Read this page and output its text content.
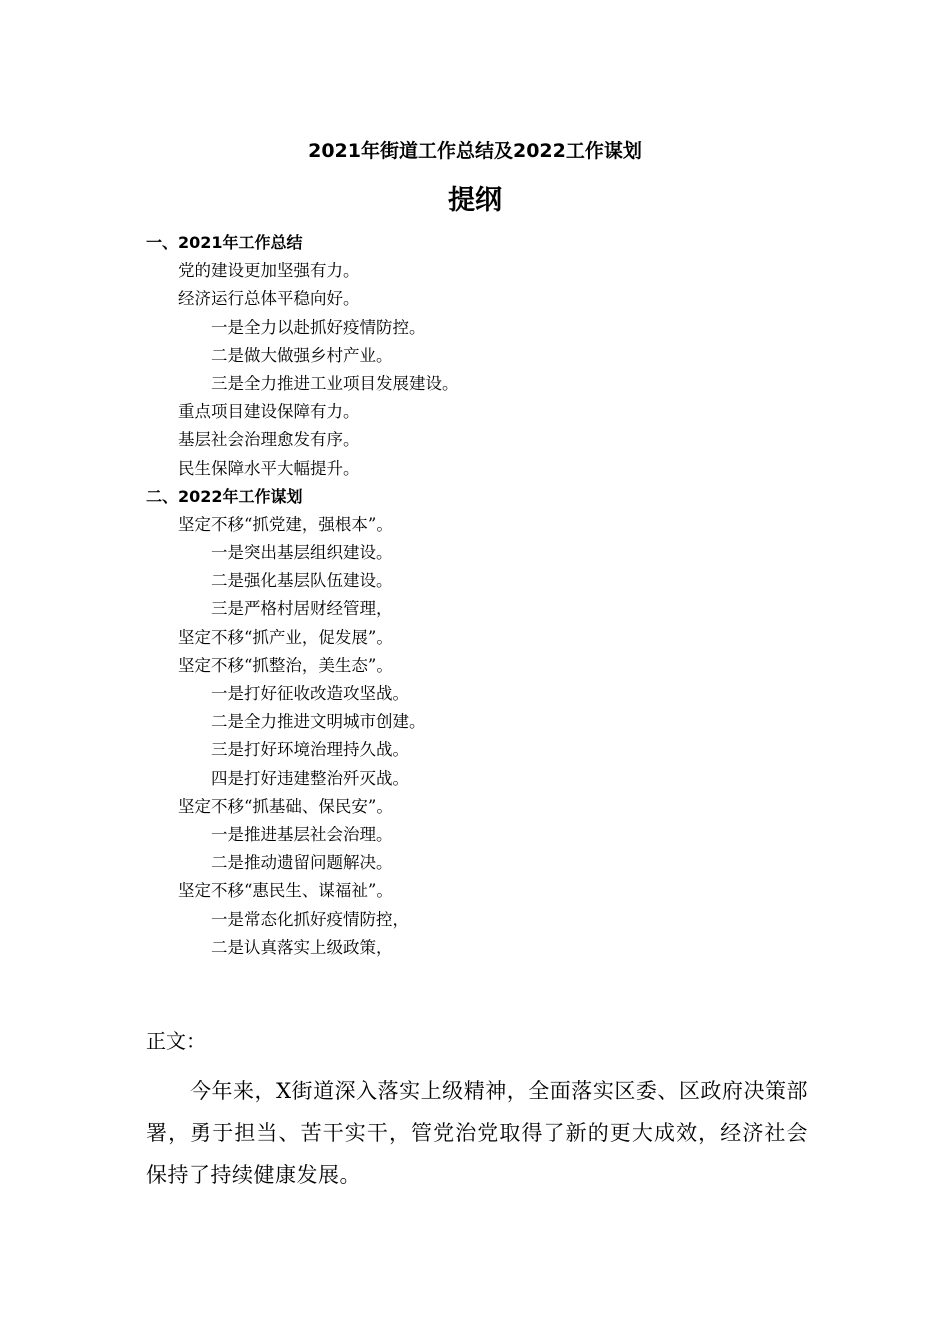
2021年街道工作总结及2022工作谋划
提纲
一、2021年工作总结
党的建设更加坚强有力。
经济运行总体平稳向好。
一是全力以赴抓好疫情防控。
二是做大做强乡村产业。
三是全力推进工业项目发展建设。
重点项目建设保障有力。
基层社会治理愈发有序。
民生保障水平大幅提升。
二、2022年工作谋划
坚定不移“抓党建，强根本”。
一是突出基层组织建设。
二是强化基层队伍建设。
三是严格村居财经管理，
坚定不移“抓产业，促发展”。
坚定不移“抓整治，美生态”。
一是打好征收改造攻坚战。
二是全力推进文明城市创建。
三是打好环境治理持久战。
四是打好违建整治歼灭战。
坚定不移“抓基础、保民安”。
一是推进基层社会治理。
二是推动遗留问题解决。
坚定不移“惠民生、谋福祉”。
一是常态化抓好疫情防控，
二是认真落实上级政策，
正文：
今年来，X街道深入落实上级精神，全面落实区委、区政府决策部署，勇于担当、苦干实干，管党治党取得了新的更大成效，经济社会保持了持续健康发展。
